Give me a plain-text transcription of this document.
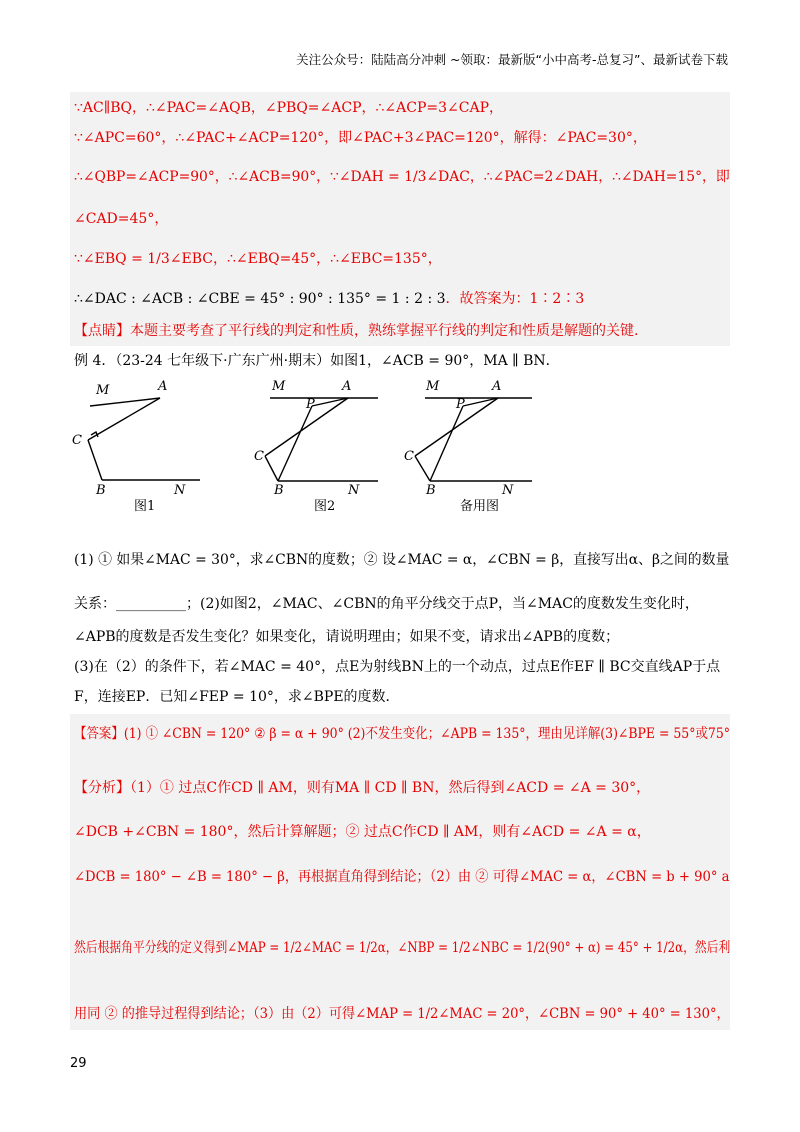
关注公众号：陆陆高分冲刺 ~领取：最新版“小中高考-总复习”、最新试卷下载
∵AC∥BQ，∴∠PAC=∠AQB，∠PBQ=∠ACP，∴∠ACP=3∠CAP，
∵∠APC=60°，∴∠PAC+∠ACP=120°，即∠PAC+3∠PAC=120°，解得：∠PAC=30°，
∴∠QBP=∠ACP=90°，∴∠ACB=90°，∵∠DAH = 1/3∠DAC，∴∠PAC=2∠DAH，∴∠DAH=15°，即
∠CAD=45°，
∵∠EBQ = 1/3∠EBC，∴∠EBQ=45°，∴∠EBC=135°，
∴∠DAC : ∠ACB : ∠CBE = 45° : 90° : 135° = 1 : 2 : 3．故答案为：1∶2∶3
【点睛】本题主要考查了平行线的判定和性质，熟练掌握平行线的判定和性质是解题的关键.
例 4．（23-24 七年级下·广东广州·期末）如图1，∠ACB = 90°，MA ∥ BN．
M	A
C
B	N
M	A
P
C
B	N
M	A
P
C
B	N
图1	图2	备用图
(1) ① 如果∠MAC = 30°，求∠CBN的度数；② 设∠MAC = α，∠CBN = β，直接写出α、β之间的数量
关系：__________；(2)如图2，∠MAC、∠CBN的角平分线交于点P，当∠MAC的度数发生变化时，
∠APB的度数是否发生变化？如果变化，请说明理由；如果不变，请求出∠APB的度数；
(3)在（2）的条件下，若∠MAC = 40°，点E为射线BN上的一个动点，过点E作EF ∥ BC交直线AP于点
F，连接EP．已知∠FEP = 10°，求∠BPE的度数．
【答案】(1) ① ∠CBN = 120° ② β = α + 90° (2)不发生变化；∠APB = 135°，理由见详解(3)∠BPE = 55°或75°
【分析】（1）① 过点C作CD ∥ AM，则有MA ∥ CD ∥ BN，然后得到∠ACD = ∠A = 30°，
∠DCB +∠CBN = 180°，然后计算解题；② 过点C作CD ∥ AM，则有∠ACD = ∠A = α，
∠DCB = 180° − ∠B = 180° − β，再根据直角得到结论；（2）由 ② 可得∠MAC = α，∠CBN = b + 90° a
然后根据角平分线的定义得到∠MAP = 1/2∠MAC = 1/2α，∠NBP = 1/2∠NBC = 1/2(90° + α) = 45° + 1/2α，然后利
用同 ② 的推导过程得到结论；（3）由（2）可得∠MAP = 1/2∠MAC = 20°，∠CBN = 90° + 40° = 130°，
29
